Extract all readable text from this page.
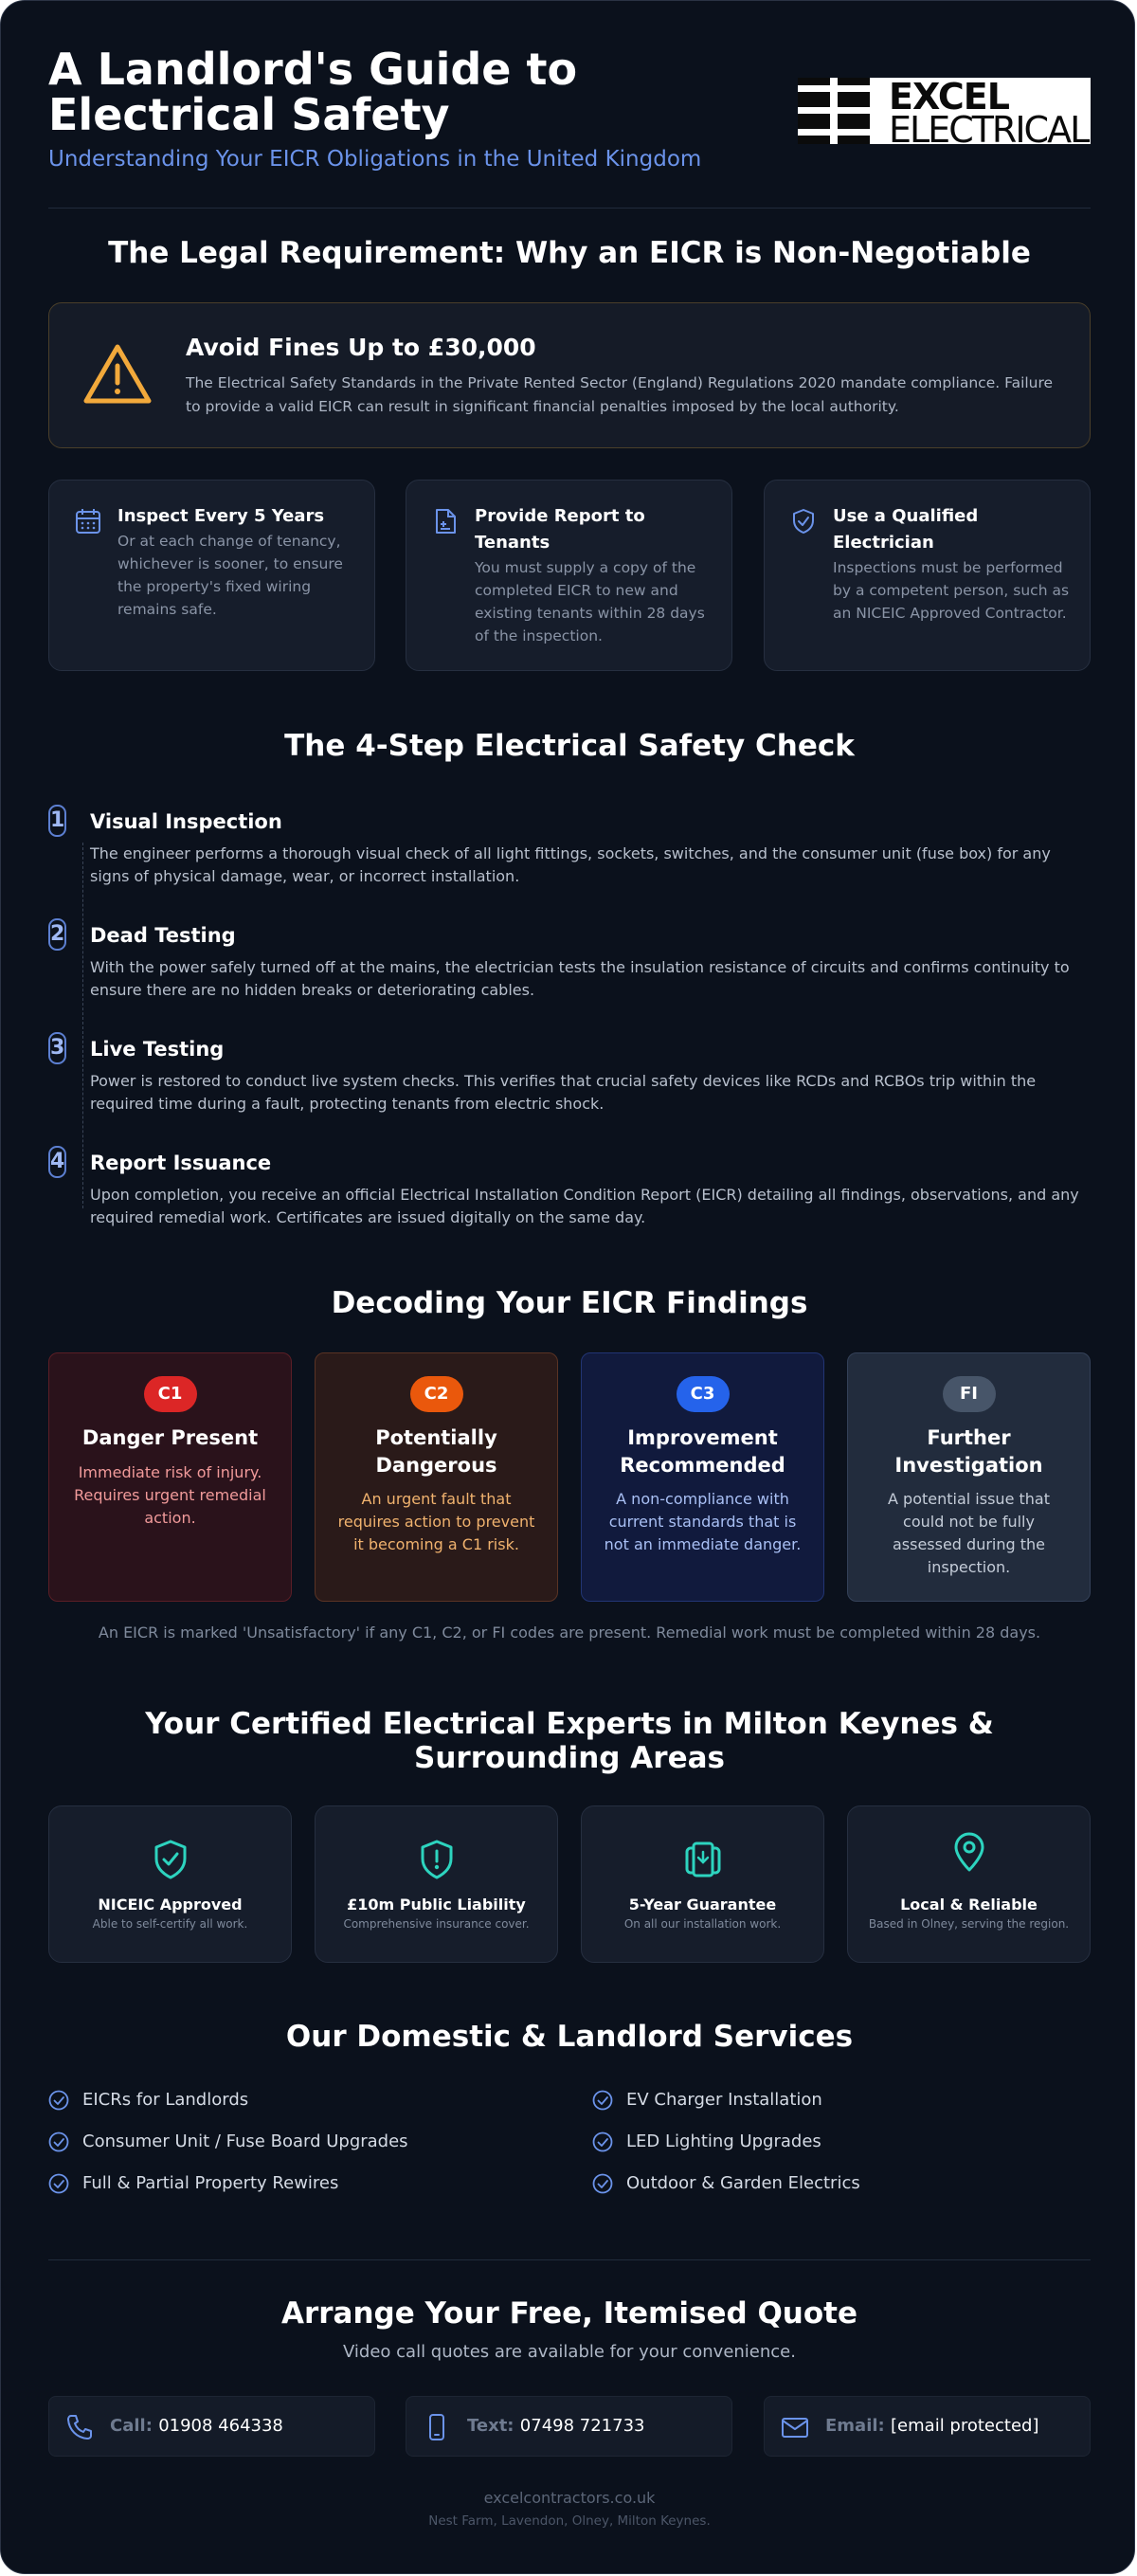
A Landlord's Guide to Electrical Safety
Understanding Your EICR Obligations in the United Kingdom
EXCEL
ELECTRICAL
The Legal Requirement: Why an EICR is Non-Negotiable
Avoid Fines Up to £30,000
The Electrical Safety Standards in the Private Rented Sector (England) Regulations 2020 mandate compliance. Failure to provide a valid EICR can result in significant financial penalties imposed by the local authority.
Inspect Every 5 Years
Or at each change of tenancy, whichever is sooner, to ensure the property's fixed wiring remains safe.
Provide Report to Tenants
You must supply a copy of the completed EICR to new and existing tenants within 28 days of the inspection.
Use a Qualified Electrician
Inspections must be performed by a competent person, such as an NICEIC Approved Contractor.
The 4-Step Electrical Safety Check
1 Visual Inspection
The engineer performs a thorough visual check of all light fittings, sockets, switches, and the consumer unit (fuse box) for any signs of physical damage, wear, or incorrect installation.
2 Dead Testing
With the power safely turned off at the mains, the electrician tests the insulation resistance of circuits and confirms continuity to ensure there are no hidden breaks or deteriorating cables.
3 Live Testing
Power is restored to conduct live system checks. This verifies that crucial safety devices like RCDs and RCBOs trip within the required time during a fault, protecting tenants from electric shock.
4 Report Issuance
Upon completion, you receive an official Electrical Installation Condition Report (EICR) detailing all findings, observations, and any required remedial work. Certificates are issued digitally on the same day.
Decoding Your EICR Findings
C1
Danger Present
Immediate risk of injury. Requires urgent remedial action.
C2
Potentially Dangerous
An urgent fault that requires action to prevent it becoming a C1 risk.
C3
Improvement Recommended
A non-compliance with current standards that is not an immediate danger.
FI
Further Investigation
A potential issue that could not be fully assessed during the inspection.
An EICR is marked 'Unsatisfactory' if any C1, C2, or FI codes are present. Remedial work must be completed within 28 days.
Your Certified Electrical Experts in Milton Keynes & Surrounding Areas
NICEIC Approved
Able to self-certify all work.
£10m Public Liability
Comprehensive insurance cover.
5-Year Guarantee
On all our installation work.
Local & Reliable
Based in Olney, serving the region.
Our Domestic & Landlord Services
EICRs for Landlords
Consumer Unit / Fuse Board Upgrades
Full & Partial Property Rewires
EV Charger Installation
LED Lighting Upgrades
Outdoor & Garden Electrics
Arrange Your Free, Itemised Quote
Video call quotes are available for your convenience.
Call: 01908 464338	Text: 07498 721733	Email: [email protected]
excelcontractors.co.uk
Nest Farm, Lavendon, Olney, Milton Keynes.
